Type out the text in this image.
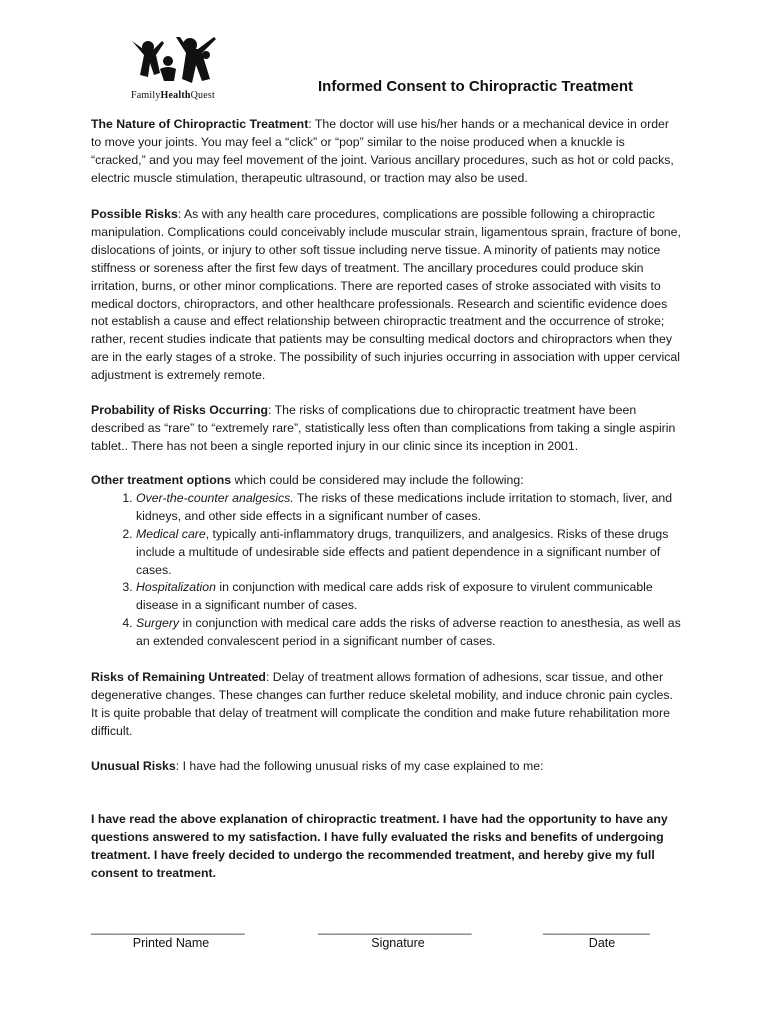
FamilyHealthQuest
Informed Consent to Chiropractic Treatment

The Nature of Chiropractic Treatment: The doctor will use his/her hands or a mechanical device in order to move your joints. You may feel a “click” or “pop” similar to the noise produced when a knuckle is “cracked,” and you may feel movement of the joint. Various ancillary procedures, such as hot or cold packs, electric muscle stimulation, therapeutic ultrasound, or traction may also be used.

Possible Risks: As with any health care procedures, complications are possible following a chiropractic manipulation. Complications could conceivably include muscular strain, ligamentous sprain, fracture of bone, dislocations of joints, or injury to other soft tissue including nerve tissue. A minority of patients may notice stiffness or soreness after the first few days of treatment. The ancillary procedures could produce skin irritation, burns, or other minor complications. There are reported cases of stroke associated with visits to medical doctors, chiropractors, and other healthcare professionals. Research and scientific evidence does not establish a cause and effect relationship between chiropractic treatment and the occurrence of stroke; rather, recent studies indicate that patients may be consulting medical doctors and chiropractors when they are in the early stages of a stroke. The possibility of such injuries occurring in association with upper cervical adjustment is extremely remote.

Probability of Risks Occurring: The risks of complications due to chiropractic treatment have been described as “rare” to “extremely rare”, statistically less often than complications from taking a single aspirin tablet.. There has not been a single reported injury in our clinic since its inception in 2001.

Other treatment options which could be considered may include the following:

1. Over-the-counter analgesics. The risks of these medications include irritation to stomach, liver, and kidneys, and other side effects in a significant number of cases.
2. Medical care, typically anti-inflammatory drugs, tranquilizers, and analgesics. Risks of these drugs include a multitude of undesirable side effects and patient dependence in a significant number of cases.
3. Hospitalization in conjunction with medical care adds risk of exposure to virulent communicable disease in a significant number of cases.
4. Surgery in conjunction with medical care adds the risks of adverse reaction to anesthesia, as well as an extended convalescent period in a significant number of cases.

Risks of Remaining Untreated: Delay of treatment allows formation of adhesions, scar tissue, and other degenerative changes. These changes can further reduce skeletal mobility, and induce chronic pain cycles. It is quite probable that delay of treatment will complicate the condition and make future rehabilitation more difficult.

Unusual Risks: I have had the following unusual risks of my case explained to me:

I have read the above explanation of chiropractic treatment. I have had the opportunity to have any questions answered to my satisfaction. I have fully evaluated the risks and benefits of undergoing treatment. I have freely decided to undergo the recommended treatment, and hereby give my full consent to treatment.
_______________________	_______________________	________________
Printed Name	Signature	Date
